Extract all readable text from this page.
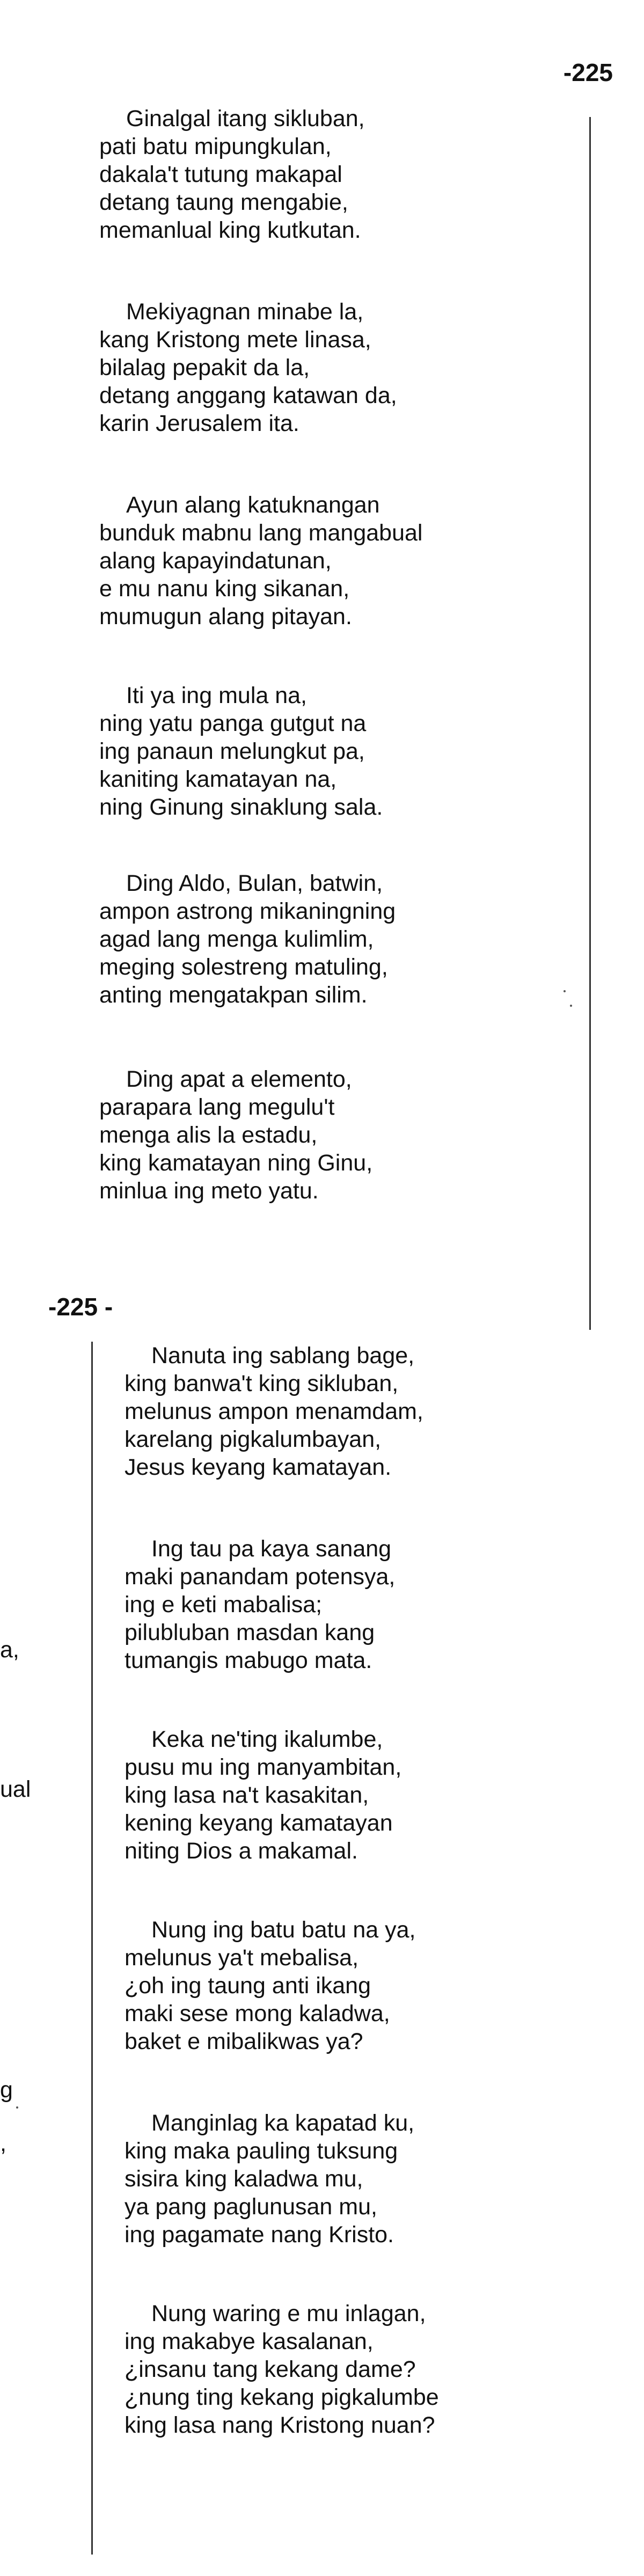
-225
Ginalgal itang sikluban,
pati batu mipungkulan,
dakala't tutung makapal
detang taung mengabie,
memanlual king kutkutan.
Mekiyagnan minabe la,
kang Kristong mete linasa,
bilalag pepakit da la,
detang anggang katawan da,
karin Jerusalem ita.
Ayun alang katuknangan
bunduk mabnu lang mangabual
alang kapayindatunan,
e mu nanu king sikanan,
mumugun alang pitayan.
Iti ya ing mula na,
ning yatu panga gutgut na
ing panaun melungkut pa,
kaniting kamatayan na,
ning Ginung sinaklung sala.
Ding Aldo, Bulan, batwin,
ampon astrong mikaningning
agad lang menga kulimlim,
meging solestreng matuling,
anting mengatakpan silim.
Ding apat a elemento,
parapara lang megulu't
menga alis la estadu,
king kamatayan ning Ginu,
minlua ing meto yatu.
-225 -
Nanuta ing sablang bage,
king banwa't king sikluban,
melunus ampon menamdam,
karelang pigkalumbayan,
Jesus keyang kamatayan.
Ing tau pa kaya sanang
maki panandam potensya,
ing e keti mabalisa;
pilubluban masdan kang
tumangis mabugo mata.
Keka ne'ting ikalumbe,
pusu mu ing manyambitan,
king lasa na't kasakitan,
kening keyang kamatayan
niting Dios a makamal.
Nung ing batu batu na ya,
melunus ya't mebalisa,
¿oh ing taung anti ikang
maki sese mong kaladwa,
baket e mibalikwas ya?
Manginlag ka kapatad ku,
king maka pauling tuksung
sisira king kaladwa mu,
ya pang paglunusan mu,
ing pagamate nang Kristo.
Nung waring e mu inlagan,
ing makabye kasalanan,
¿insanu tang kekang dame?
¿nung ting kekang pigkalumbe
king lasa nang Kristong nuan?
a,
ual
g
,
